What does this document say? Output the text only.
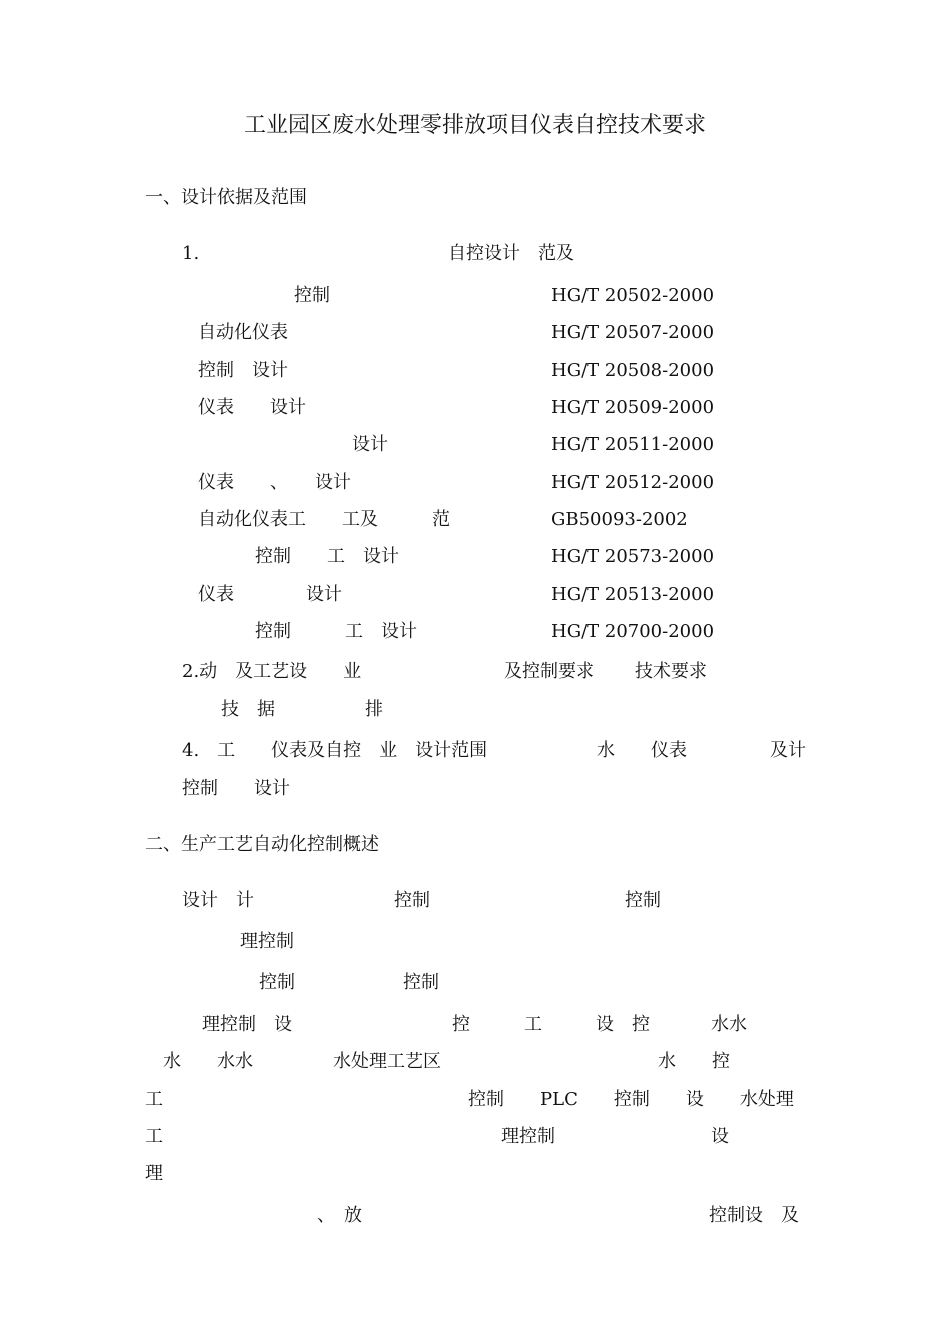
工业园区废水处理零排放项目仪表自控技术要求
一、设计依据及范围
1.	自控设计　范及
控制	HG/T 20502-2000
自动化仪表	HG/T 20507-2000
控制　设计	HG/T 20508-2000
仪表　　设计	HG/T 20509-2000
设计	HG/T 20511-2000
仪表　　、　　设计	HG/T 20512-2000
自动化仪表工　　工及　　　范	GB50093-2002
控制　　工　设计	HG/T 20573-2000
仪表　　　　设计	HG/T 20513-2000
控制　　　工　设计	HG/T 20700-2000
2.动　及工艺设　　业	及控制要求 技术要求
技　据　　　　　排
4.　工　　仪表及自控　业　设计范围	水　　仪表	及计
控制　　设计
二、生产工艺自动化控制概述
设计　计	控制	控制
理控制
控制	控制
理控制　设	控　　　工　　　设　控	水水
水　　水水	水处理工艺区	水　　控
工	控制　　PLC　　控制　　设　　水处理
工	理控制	设
理
、　放	控制设　及
